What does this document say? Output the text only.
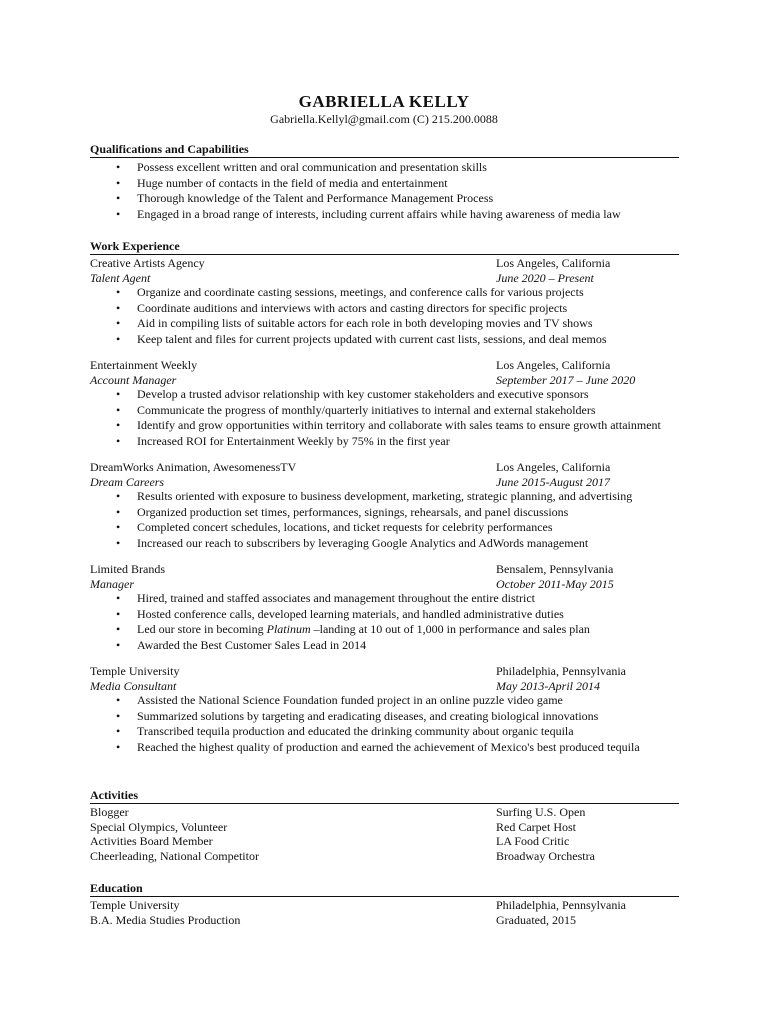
GABRIELLA KELLY
Gabriella.Kellyl@gmail.com (C) 215.200.0088
Qualifications and Capabilities
• Possess excellent written and oral communication and presentation skills
• Huge number of contacts in the field of media and entertainment
• Thorough knowledge of the Talent and Performance Management Process
• Engaged in a broad range of interests, including current affairs while having awareness of media law
Work Experience
Creative Artists Agency	Los Angeles, California
Talent Agent	June 2020 – Present
• Organize and coordinate casting sessions, meetings, and conference calls for various projects
• Coordinate auditions and interviews with actors and casting directors for specific projects
• Aid in compiling lists of suitable actors for each role in both developing movies and TV shows
• Keep talent and files for current projects updated with current cast lists, sessions, and deal memos
Entertainment Weekly	Los Angeles, California
Account Manager	September 2017 – June 2020
• Develop a trusted advisor relationship with key customer stakeholders and executive sponsors
• Communicate the progress of monthly/quarterly initiatives to internal and external stakeholders
• Identify and grow opportunities within territory and collaborate with sales teams to ensure growth attainment
• Increased ROI for Entertainment Weekly by 75% in the first year
DreamWorks Animation, AwesomenessTV	Los Angeles, California
Dream Careers	June 2015-August 2017
• Results oriented with exposure to business development, marketing, strategic planning, and advertising
• Organized production set times, performances, signings, rehearsals, and panel discussions
• Completed concert schedules, locations, and ticket requests for celebrity performances
• Increased our reach to subscribers by leveraging Google Analytics and AdWords management
Limited Brands	Bensalem, Pennsylvania
Manager	October 2011-May 2015
• Hired, trained and staffed associates and management throughout the entire district
• Hosted conference calls, developed learning materials, and handled administrative duties
• Led our store in becoming Platinum –landing at 10 out of 1,000 in performance and sales plan
• Awarded the Best Customer Sales Lead in 2014
Temple University	Philadelphia, Pennsylvania
Media Consultant	May 2013-April 2014
• Assisted the National Science Foundation funded project in an online puzzle video game
• Summarized solutions by targeting and eradicating diseases, and creating biological innovations
• Transcribed tequila production and educated the drinking community about organic tequila
• Reached the highest quality of production and earned the achievement of Mexico's best produced tequila
Activities
Blogger	Surfing U.S. Open
Special Olympics, Volunteer	Red Carpet Host
Activities Board Member	LA Food Critic
Cheerleading, National Competitor	Broadway Orchestra
Education
Temple University	Philadelphia, Pennsylvania
B.A. Media Studies Production	Graduated, 2015
